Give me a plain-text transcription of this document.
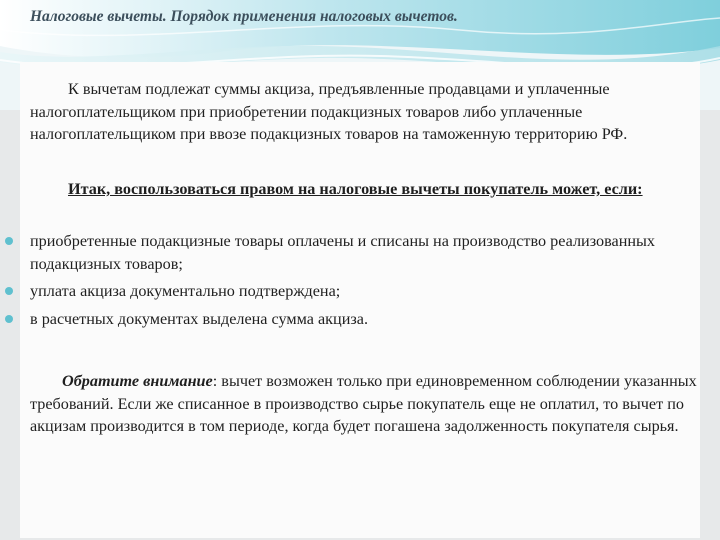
Налоговые вычеты. Порядок применения налоговых вычетов.

К вычетам подлежат суммы акциза, предъявленные продавцами и уплаченные налогоплательщиком при приобретении подакцизных товаров либо уплаченные налогоплательщиком при ввозе подакцизных товаров на таможенную территорию РФ.

Итак, воспользоваться правом на налоговые вычеты покупатель может, если:

приобретенные подакцизные товары оплачены и списаны на производство реализованных подакцизных товаров;
уплата акциза документально подтверждена;
в расчетных документах выделена сумма акциза.

Обратите внимание: вычет возможен только при единовременном соблюдении указанных требований. Если же списанное в производство сырье покупатель еще не оплатил, то вычет по акцизам производится в том периоде, когда будет погашена задолженность покупателя сырья.
